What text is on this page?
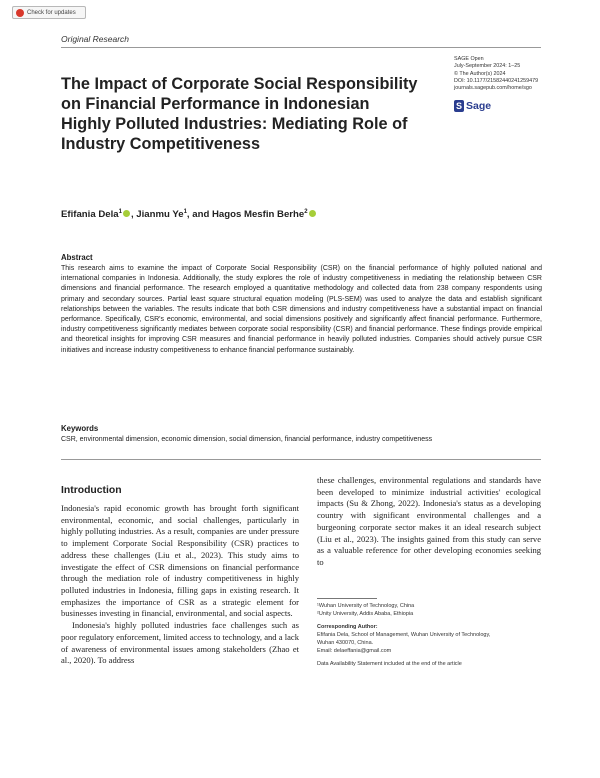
Check for updates
Original Research
The Impact of Corporate Social Responsibility on Financial Performance in Indonesian Highly Polluted Industries: Mediating Role of Industry Competitiveness
SAGE Open
July-September 2024: 1–25
© The Author(s) 2024
DOI: 10.1177/21582440241259479
journals.sagepub.com/home/sgo
S Sage
Efifania Dela$^1$ , Jianmu Ye$^1$, and Hagos Mesfin Berhe$^2$
Abstract

This research aims to examine the impact of Corporate Social Responsibility (CSR) on the financial performance of highly polluted national and international companies in Indonesia. Additionally, the study explores the role of industry competitiveness in mediating the relationship between CSR dimensions and financial performance. The research employed a quantitative methodology and collected data from 238 company respondents using primary and secondary sources. Partial least square structural equation modeling (PLS-SEM) was used to analyze the data and establish significant relationships between the variables. The results indicate that both CSR dimensions and industry competitiveness have a substantial impact on financial performance. Specifically, CSR's economic, environmental, and social dimensions positively and significantly affect financial performance. Furthermore, industry competitiveness significantly mediates between corporate social responsibility (CSR) and financial performance. These findings provide empirical and theoretical insights for improving CSR measures and financial performance in heavily polluted industries. Companies should actively pursue CSR initiatives and increase industry competitiveness to enhance financial performance sustainably.

Keywords
CSR, environmental dimension, economic dimension, social dimension, financial performance, industry competitiveness
Introduction

Indonesia's rapid economic growth has brought forth significant environmental, economic, and social challenges, particularly in highly polluting industries. As a result, companies are under pressure to implement Corporate Social Responsibility (CSR) practices to address these challenges (Liu et al., 2023). This study aims to investigate the effect of CSR dimensions on financial performance through the mediation role of industry competitiveness in highly polluted industries in Indonesia, filling gaps in existing research. It emphasizes the importance of CSR as a strategic element for businesses investing in financial, environmental, and social aspects.

Indonesia's highly polluted industries face challenges such as poor regulatory enforcement, limited access to technology, and a lack of awareness of environmental issues among stakeholders (Zhao et al., 2020). To address

these challenges, environmental regulations and standards have been developed to minimize industrial activities' ecological impacts (Su & Zhong, 2022). Indonesia's status as a developing country with significant environmental challenges and a burgeoning corporate sector makes it an ideal research subject (Liu et al., 2023). The insights gained from this study can serve as a valuable reference for other developing economies seeking to

¹Wuhan University of Technology, China
²Unity University, Addis Ababa, Ethiopia
Corresponding Author:
Efifania Dela, School of Management, Wuhan University of Technology,
Wuhan 430070, China.
Email: delaeffania@gmail.com
Data Availability Statement included at the end of the article
